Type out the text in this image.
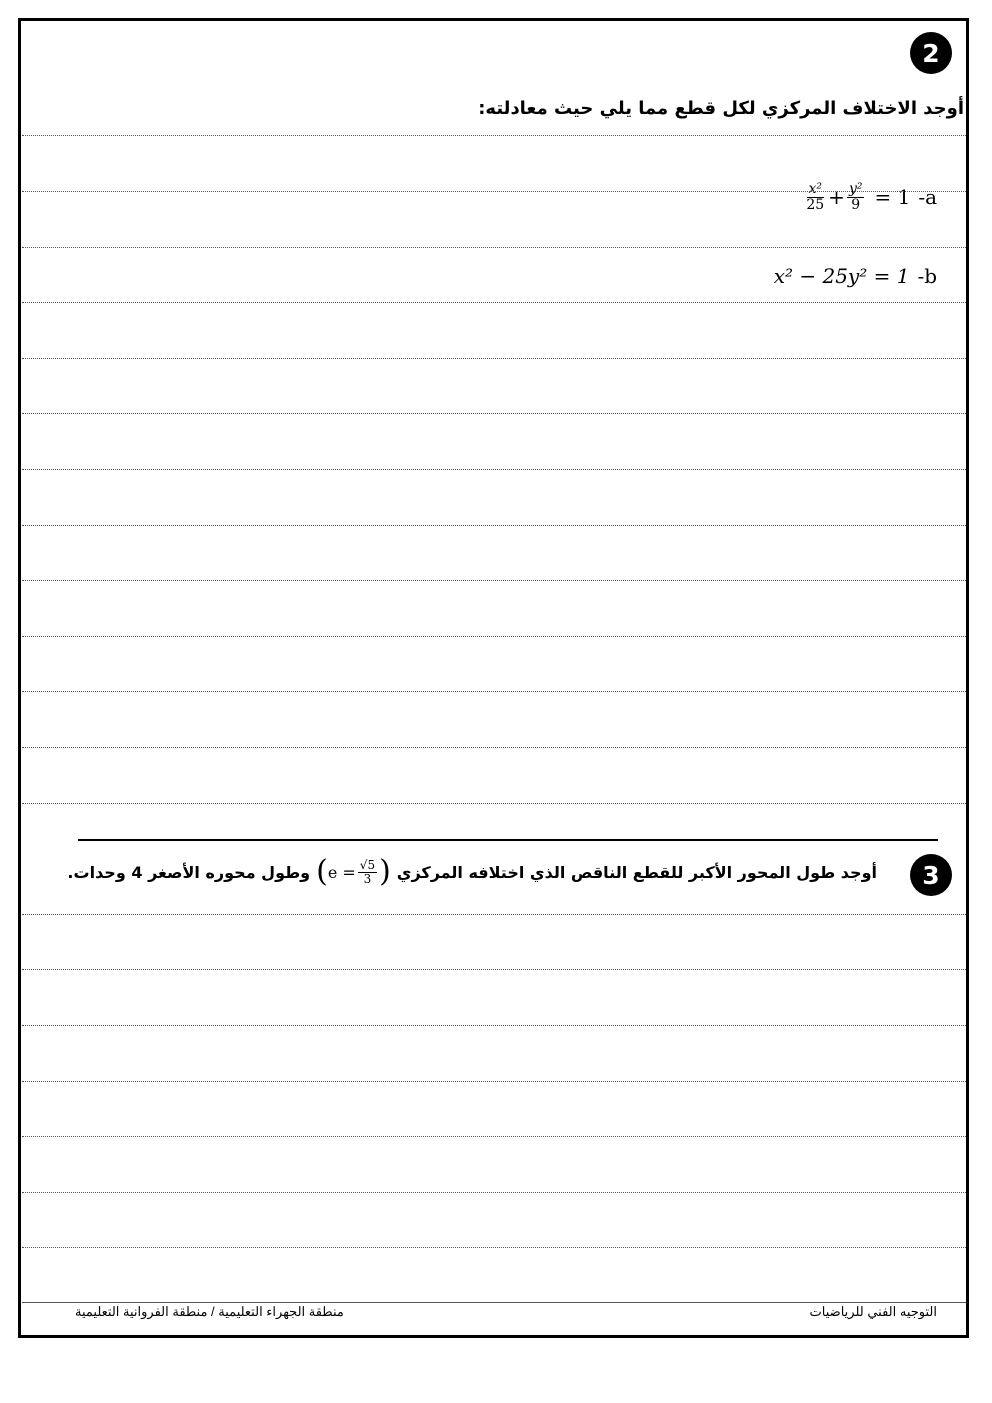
2
أوجد الاختلاف المركزي لكل قطع مما يلي حيث معادلته:
$\frac{\text{x²}}{25} + \frac{\text{y²}}{9} = 1$ -a
x² − 25y² = 1 -b
3
أوجد طول المحور الأكبر للقطع الناقص الذي اختلافه المركزي
( $e = \frac{√5}{3}$ )
وطول محوره الأصغر 4 وحدات.
منطقة الجهراء التعليمية / منطقة الفروانية التعليمية	التوجيه الفني للرياضيات
